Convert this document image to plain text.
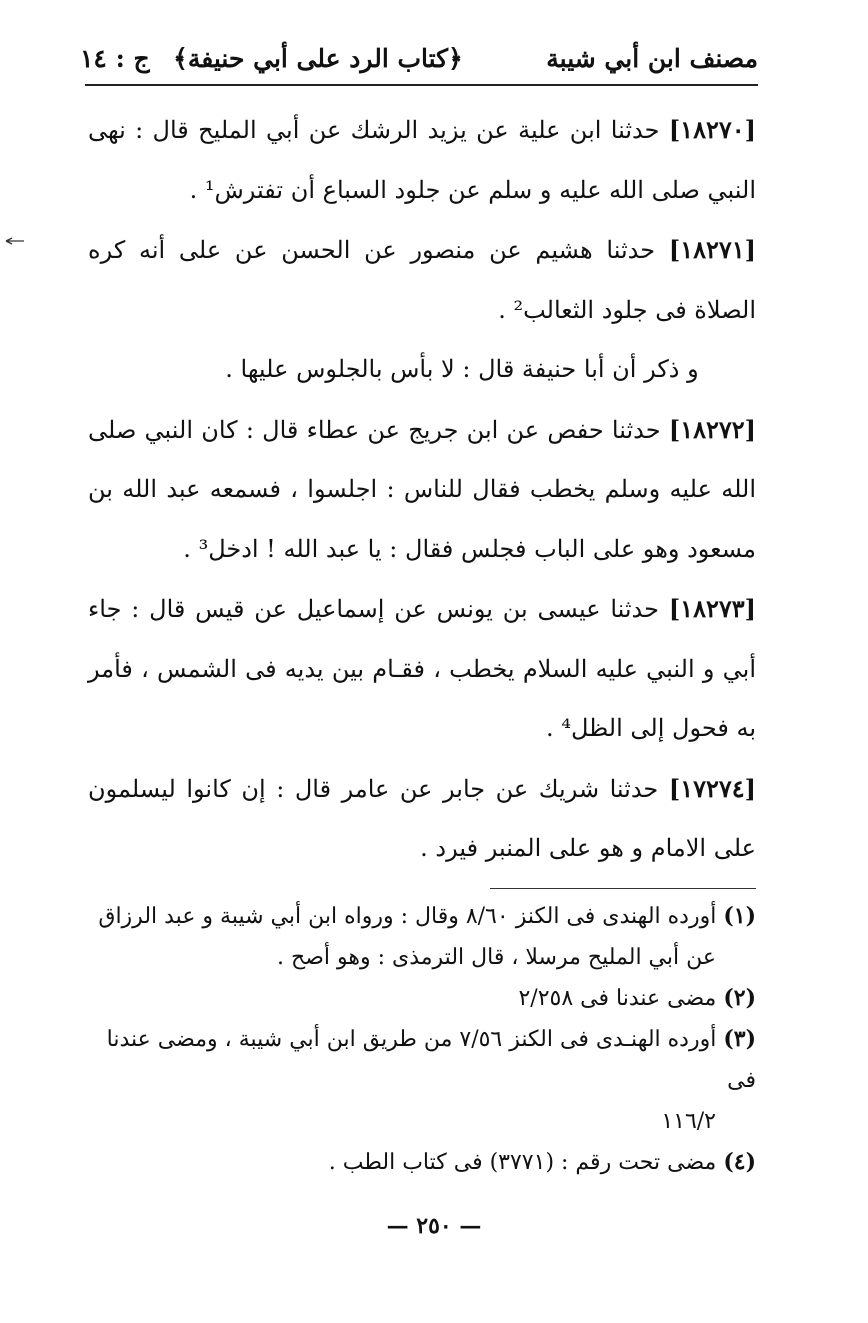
مصنف ابن أبي شيبة
﴿كتاب الرد على أبي حنيفة﴾
ج : ١٤

[١٨٢٧٠] حدثنا ابن علية عن يزيد الرشك عن أبي المليح قال : نهى النبي صلى الله عليه و سلم عن جلود السباع أن تفترش¹ .

[١٨٢٧١] حدثنا هشيم عن منصور عن الحسن عن على أنه كره الصلاة فى جلود الثعالب² .

و ذكر أن أبا حنيفة قال : لا بأس بالجلوس عليها .

[١٨٢٧٢] حدثنا حفص عن ابن جريج عن عطاء قال : كان النبي صلى الله عليه وسلم يخطب فقال للناس : اجلسوا ، فسمعه عبد الله بن مسعود وهو على الباب فجلس فقال : يا عبد الله ! ادخل³ .

[١٨٢٧٣] حدثنا عيسى بن يونس عن إسماعيل عن قيس قال : جاء أبي و النبي عليه السلام يخطب ، فقـام بين يديه فى الشمس ، فأمر به فحول إلى الظل⁴ .

[١٧٢٧٤] حدثنا شريك عن جابر عن عامر قال : إن كانوا ليسلمون على الامام و هو على المنبر فيرد .

(١) أورده الهندى فى الكنز ٨/٦٠ وقال : ورواه ابن أبي شيبة و عبد الرزاق
عن أبي المليح مرسلا ، قال الترمذى : وهو أصح .

(٢) مضى عندنا فى ٢/٢٥٨

(٣) أورده الهنـدى فى الكنز ٧/٥٦ من طريق ابن أبي شيبة ، ومضى عندنا فى
١١٦/٢

(٤) مضى تحت رقم : (٣٧٧١) فى كتاب الطب .

— ٢٥٠ —
